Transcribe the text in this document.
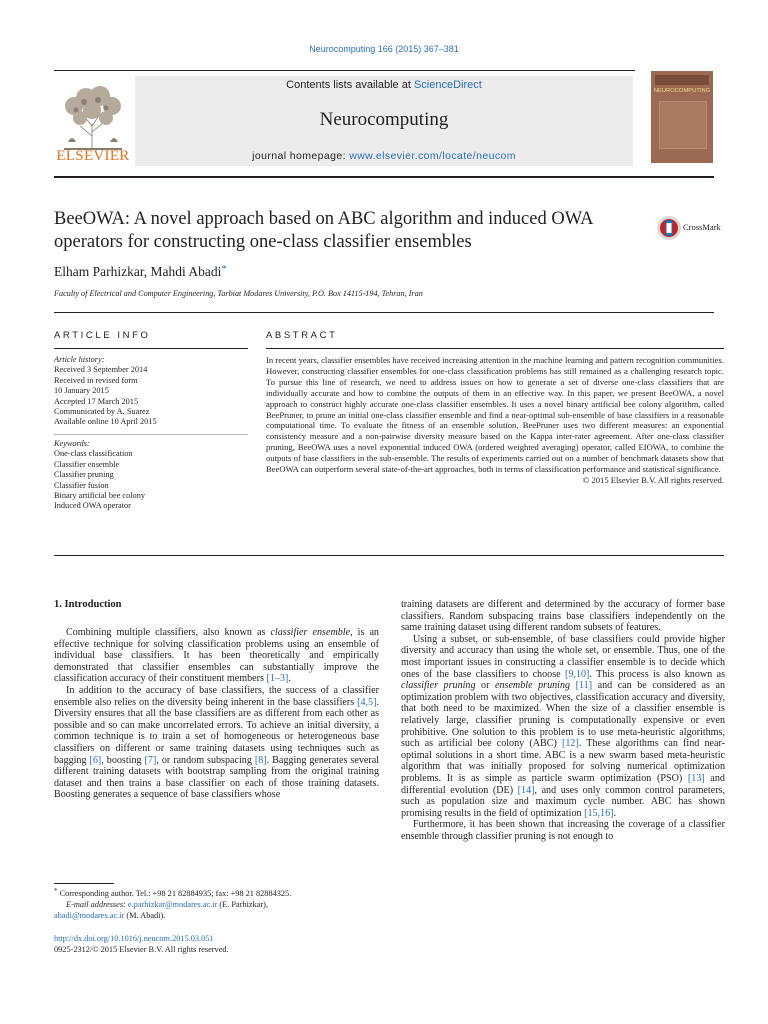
Neurocomputing 166 (2015) 367–381
ELSEVIER
Contents lists available at ScienceDirect
Neurocomputing
journal homepage: www.elsevier.com/locate/neucom
NEUROCOMPUTING
BeeOWA: A novel approach based on ABC algorithm and induced OWA operators for constructing one-class classifier ensembles
CrossMark
Elham Parhizkar, Mahdi Abadi*
Faculty of Electrical and Computer Engineering, Tarbiat Modares University, P.O. Box 14115-194, Tehran, Iran
ARTICLE INFO
Article history:
Received 3 September 2014
Received in revised form
10 January 2015
Accepted 17 March 2015
Communicated by A. Suarez
Available online 10 April 2015
Keywords:
One-class classification
Classifier ensemble
Classifier pruning
Classifier fusion
Binary artificial bee colony
Induced OWA operator
ABSTRACT

In recent years, classifier ensembles have received increasing attention in the machine learning and pattern recognition communities. However, constructing classifier ensembles for one-class classification problems has still remained as a challenging research topic. To pursue this line of research, we need to address issues on how to generate a set of diverse one-class classifiers that are individually accurate and how to combine the outputs of them in an effective way. In this paper, we present BeeOWA, a novel approach to construct highly accurate one-class classifier ensembles. It uses a novel binary artificial bee colony algorithm, called BeePruner, to prune an initial one-class classifier ensemble and find a near-optimal sub-ensemble of base classifiers in a reasonable computational time. To evaluate the fitness of an ensemble solution, BeePruner uses two different measures: an exponential consistency measure and a non-pairwise diversity measure based on the Kappa inter-rater agreement. After one-class classifier pruning, BeeOWA uses a novel exponential induced OWA (ordered weighted averaging) operator, called EIOWA, to combine the outputs of base classifiers in the sub-ensemble. The results of experiments carried out on a number of benchmark datasets show that BeeOWA can outperform several state-of-the-art approaches, both in terms of classification performance and statistical significance.

© 2015 Elsevier B.V. All rights reserved.
1. Introduction

Combining multiple classifiers, also known as classifier ensemble, is an effective technique for solving classification problems using an ensemble of individual base classifiers. It has been theoretically and empirically demonstrated that classifier ensembles can substantially improve the classification accuracy of their constituent members [1–3].

In addition to the accuracy of base classifiers, the success of a classifier ensemble also relies on the diversity being inherent in the base classifiers [4,5]. Diversity ensures that all the base classifiers are as different from each other as possible and so can make uncorrelated errors. To achieve an initial diversity, a common technique is to train a set of homogeneous or heterogeneous base classifiers on different or same training datasets using techniques such as bagging [6], boosting [7], or random subspacing [8]. Bagging generates several different training datasets with bootstrap sampling from the original training dataset and then trains a base classifier on each of those training datasets. Boosting generates a sequence of base classifiers whose

training datasets are different and determined by the accuracy of former base classifiers. Random subspacing trains base classifiers independently on the same training dataset using different random subsets of features.

Using a subset, or sub-ensemble, of base classifiers could provide higher diversity and accuracy than using the whole set, or ensemble. Thus, one of the most important issues in constructing a classifier ensemble is to decide which ones of the base classifiers to choose [9,10]. This process is also known as classifier pruning or ensemble pruning [11] and can be considered as an optimization problem with two objectives, classification accuracy and diversity, that both need to be maximized. When the size of a classifier ensemble is relatively large, classifier pruning is computationally expensive or even prohibitive. One solution to this problem is to use meta-heuristic algorithms, such as artificial bee colony (ABC) [12]. These algorithms can find near-optimal solutions in a short time. ABC is a new swarm based meta-heuristic algorithm that was initially proposed for solving numerical optimization problems. It is as simple as particle swarm optimization (PSO) [13] and differential evolution (DE) [14], and uses only common control parameters, such as population size and maximum cycle number. ABC has shown promising results in the field of optimization [15,16].

Furthermore, it has been shown that increasing the coverage of a classifier ensemble through classifier pruning is not enough to

* Corresponding author. Tel.: +98 21 82884935; fax: +98 21 82884325.
E-mail addresses: e.parhizkar@modares.ac.ir (E. Parhizkar),
abadi@modares.ac.ir (M. Abadi).
http://dx.doi.org/10.1016/j.neucom.2015.03.051
0925-2312/© 2015 Elsevier B.V. All rights reserved.
